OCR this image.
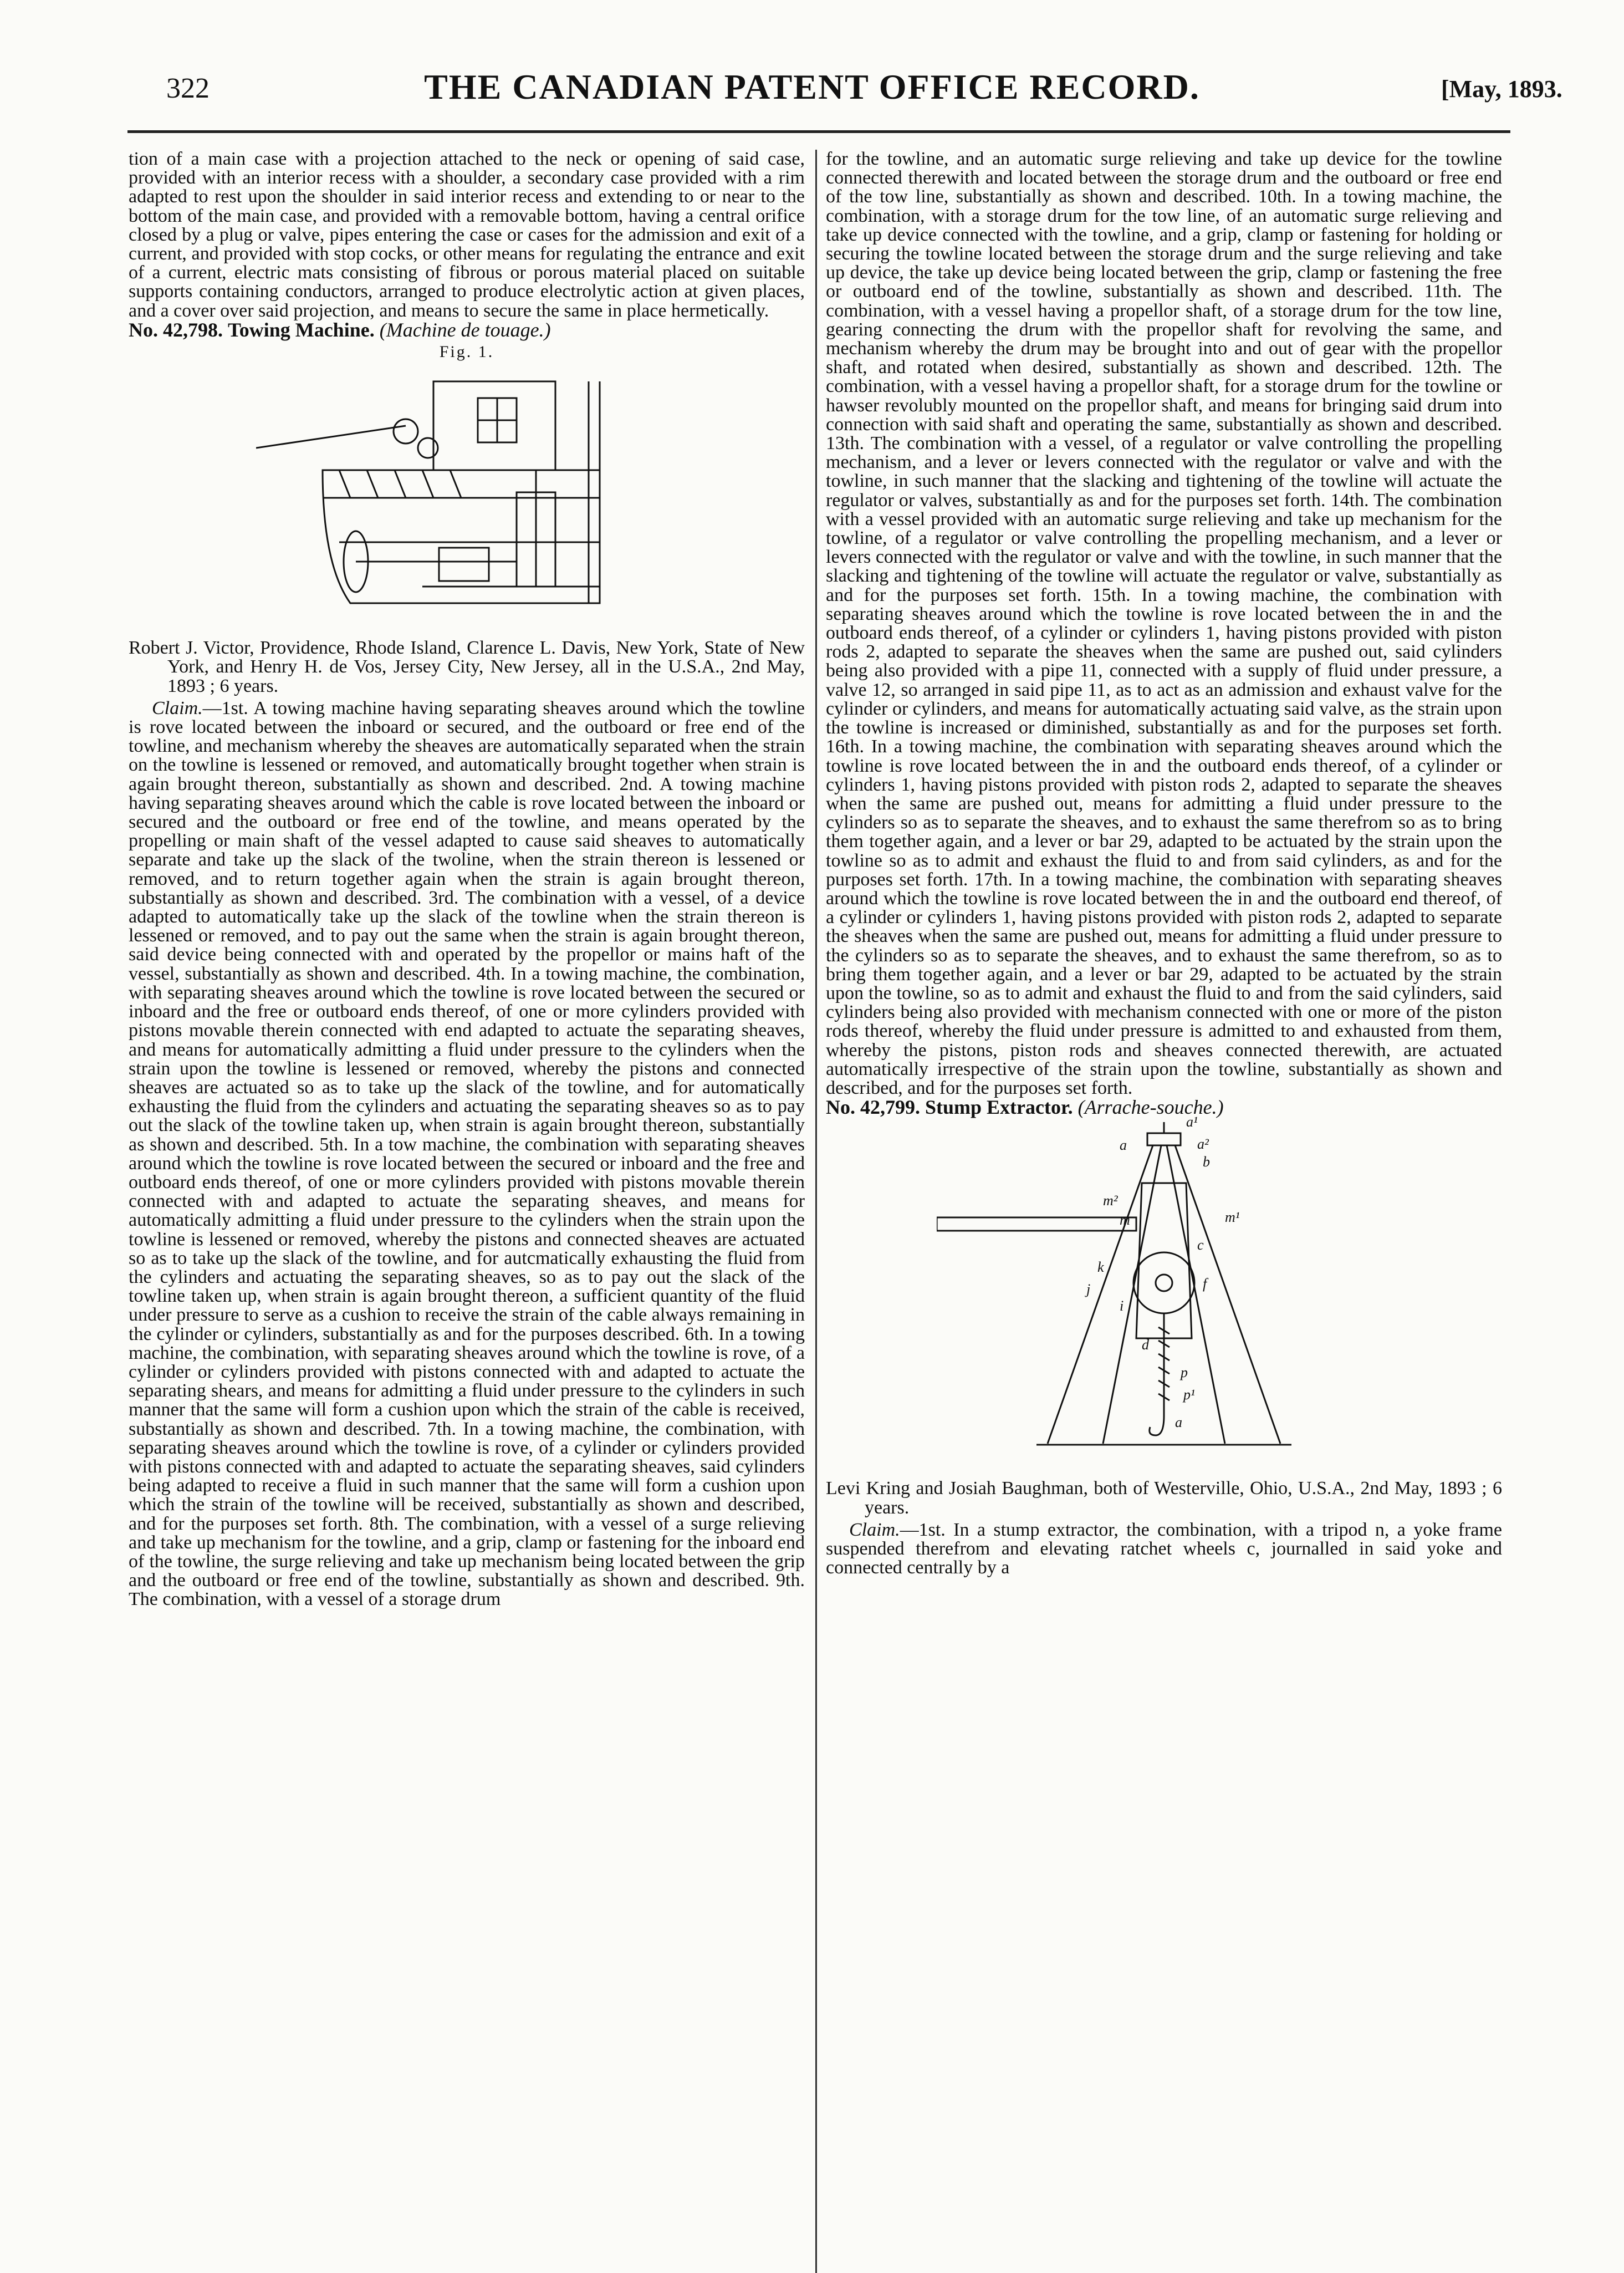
322	THE CANADIAN PATENT OFFICE RECORD.	[May, 1893.

tion of a main case with a projection attached to the neck or opening of said case, provided with an interior recess with a shoulder, a secondary case provided with a rim adapted to rest upon the shoulder in said interior recess and extending to or near to the bottom of the main case, and provided with a removable bottom, having a central orifice closed by a plug or valve, pipes entering the case or cases for the admission and exit of a current, and provided with stop cocks, or other means for regulating the entrance and exit of a current, electric mats consisting of fibrous or porous material placed on suitable supports containing conductors, arranged to produce electrolytic action at given places, and a cover over said projection, and means to secure the same in place hermetically.

No. 42,798. Towing Machine. (Machine de touage.)

Fig. 1.

Robert J. Victor, Providence, Rhode Island, Clarence L. Davis, New York, State of New York, and Henry H. de Vos, Jersey City, New Jersey, all in the U.S.A., 2nd May, 1893 ; 6 years.

Claim.—1st. A towing machine having separating sheaves around which the towline is rove located between the inboard or secured, and the outboard or free end of the towline, and mechanism whereby the sheaves are automatically separated when the strain on the towline is lessened or removed, and automatically brought together when strain is again brought thereon, substantially as shown and described. 2nd. A towing machine having separating sheaves around which the cable is rove located between the inboard or secured and the outboard or free end of the towline, and means operated by the propelling or main shaft of the vessel adapted to cause said sheaves to automatically separate and take up the slack of the twoline, when the strain thereon is lessened or removed, and to return together again when the strain is again brought thereon, substantially as shown and described. 3rd. The combination with a vessel, of a device adapted to automatically take up the slack of the towline when the strain thereon is lessened or removed, and to pay out the same when the strain is again brought thereon, said device being connected with and operated by the propellor or mains haft of the vessel, substantially as shown and described. 4th. In a towing machine, the combination, with separating sheaves around which the towline is rove located between the secured or inboard and the free or outboard ends thereof, of one or more cylinders provided with pistons movable therein connected with end adapted to actuate the separating sheaves, and means for automatically admitting a fluid under pressure to the cylinders when the strain upon the towline is lessened or removed, whereby the pistons and connected sheaves are actuated so as to take up the slack of the towline, and for automatically exhausting the fluid from the cylinders and actuating the separating sheaves so as to pay out the slack of the towline taken up, when strain is again brought thereon, substantially as shown and described. 5th. In a tow machine, the combination with separating sheaves around which the towline is rove located between the secured or inboard and the free and outboard ends thereof, of one or more cylinders provided with pistons movable therein connected with and adapted to actuate the separating sheaves, and means for automatically admitting a fluid under pressure to the cylinders when the strain upon the towline is lessened or removed, whereby the pistons and connected sheaves are actuated so as to take up the slack of the towline, and for autcmatically exhausting the fluid from the cylinders and actuating the separating sheaves, so as to pay out the slack of the towline taken up, when strain is again brought thereon, a sufficient quantity of the fluid under pressure to serve as a cushion to receive the strain of the cable always remaining in the cylinder or cylinders, substantially as and for the purposes described. 6th. In a towing machine, the combination, with separating sheaves around which the towline is rove, of a cylinder or cylinders provided with pistons connected with and adapted to actuate the separating shears, and means for admitting a fluid under pressure to the cylinders in such manner that the same will form a cushion upon which the strain of the cable is received, substantially as shown and described. 7th. In a towing machine, the combination, with separating sheaves around which the towline is rove, of a cylinder or cylinders provided with pistons connected with and adapted to actuate the separating sheaves, said cylinders being adapted to receive a fluid in such manner that the same will form a cushion upon which the strain of the towline will be received, substantially as shown and described, and for the purposes set forth. 8th. The combination, with a vessel of a surge relieving and take up mechanism for the towline, and a grip, clamp or fastening for the inboard end of the towline, the surge relieving and take up mechanism being located between the grip and the outboard or free end of the towline, substantially as shown and described. 9th. The combination, with a vessel of a storage drum

for the towline, and an automatic surge relieving and take up device for the towline connected therewith and located between the storage drum and the outboard or free end of the tow line, substantially as shown and described. 10th. In a towing machine, the combination, with a storage drum for the tow line, of an automatic surge relieving and take up device connected with the towline, and a grip, clamp or fastening for holding or securing the towline located between the storage drum and the surge relieving and take up device, the take up device being located between the grip, clamp or fastening the free or outboard end of the towline, substantially as shown and described. 11th. The combination, with a vessel having a propellor shaft, of a storage drum for the tow line, gearing connecting the drum with the propellor shaft for revolving the same, and mechanism whereby the drum may be brought into and out of gear with the propellor shaft, and rotated when desired, substantially as shown and described. 12th. The combination, with a vessel having a propellor shaft, for a storage drum for the towline or hawser revolubly mounted on the propellor shaft, and means for bringing said drum into connection with said shaft and operating the same, substantially as shown and described. 13th. The combination with a vessel, of a regulator or valve controlling the propelling mechanism, and a lever or levers connected with the regulator or valve and with the towline, in such manner that the slacking and tightening of the towline will actuate the regulator or valves, substantially as and for the purposes set forth. 14th. The combination with a vessel provided with an automatic surge relieving and take up mechanism for the towline, of a regulator or valve controlling the propelling mechanism, and a lever or levers connected with the regulator or valve and with the towline, in such manner that the slacking and tightening of the towline will actuate the regulator or valve, substantially as and for the purposes set forth. 15th. In a towing machine, the combination with separating sheaves around which the towline is rove located between the in and the outboard ends thereof, of a cylinder or cylinders 1, having pistons provided with piston rods 2, adapted to separate the sheaves when the same are pushed out, said cylinders being also provided with a pipe 11, connected with a supply of fluid under pressure, a valve 12, so arranged in said pipe 11, as to act as an admission and exhaust valve for the cylinder or cylinders, and means for automatically actuating said valve, as the strain upon the towline is increased or diminished, substantially as and for the purposes set forth. 16th. In a towing machine, the combination with separating sheaves around which the towline is rove located between the in and the outboard ends thereof, of a cylinder or cylinders 1, having pistons provided with piston rods 2, adapted to separate the sheaves when the same are pushed out, means for admitting a fluid under pressure to the cylinders so as to separate the sheaves, and to exhaust the same therefrom so as to bring them together again, and a lever or bar 29, adapted to be actuated by the strain upon the towline so as to admit and exhaust the fluid to and from said cylinders, as and for the purposes set forth. 17th. In a towing machine, the combination with separating sheaves around which the towline is rove located between the in and the outboard end thereof, of a cylinder or cylinders 1, having pistons provided with piston rods 2, adapted to separate the sheaves when the same are pushed out, means for admitting a fluid under pressure to the cylinders so as to separate the sheaves, and to exhaust the same therefrom, so as to bring them together again, and a lever or bar 29, adapted to be actuated by the strain upon the towline, so as to admit and exhaust the fluid to and from the said cylinders, said cylinders being also provided with mechanism connected with one or more of the piston rods thereof, whereby the fluid under pressure is admitted to and exhausted from them, whereby the pistons, piston rods and sheaves connected therewith, are actuated automatically irrespective of the strain upon the towline, substantially as shown and described, and for the purposes set forth.

No. 42,799. Stump Extractor. (Arrache-souche.)

a¹
a	a²
b
m²
m	m¹
c
k
j	f
i
p
p¹
d
a

Levi Kring and Josiah Baughman, both of Westerville, Ohio, U.S.A., 2nd May, 1893 ; 6 years.

Claim.—1st. In a stump extractor, the combination, with a tripod n, a yoke frame suspended therefrom and elevating ratchet wheels c, journalled in said yoke and connected centrally by a
